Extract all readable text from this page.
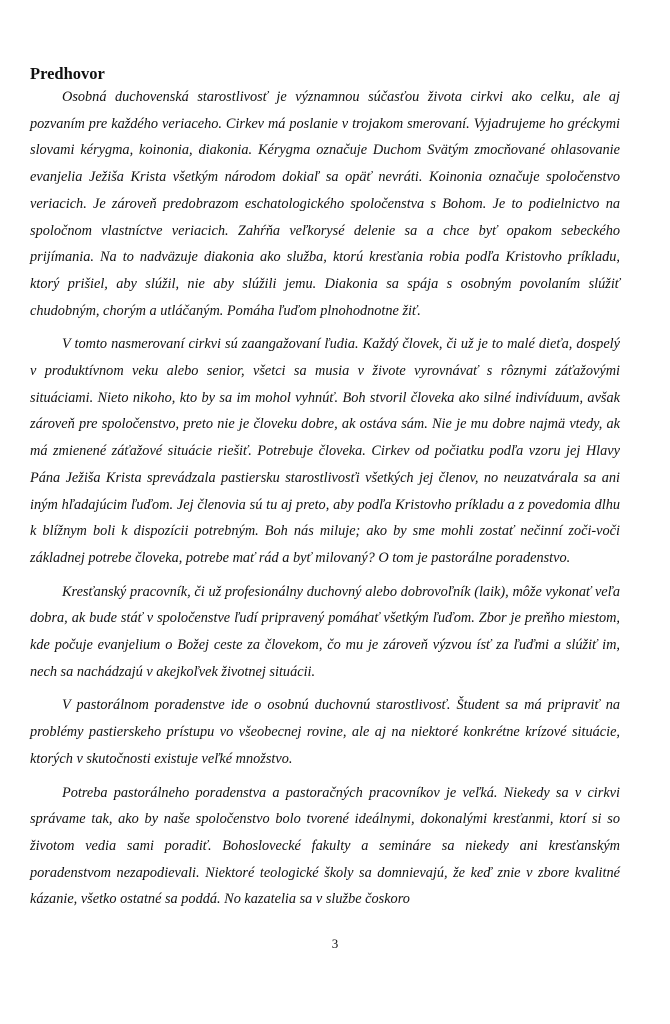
Predhovor

Osobná duchovenská starostlivosť je významnou súčasťou života cirkvi ako celku, ale aj pozvaním pre každého veriaceho. Cirkev má poslanie v trojakom smerovaní. Vyjadrujeme ho gréckymi slovami kérygma, koinonia, diakonia. Kérygma označuje Duchom Svätým zmocňované ohlasovanie evanjelia Ježiša Krista všetkým národom dokiaľ sa opäť nevráti. Koinonia označuje spoločenstvo veriacich. Je zároveň predobrazom eschatologického spoločenstva s Bohom. Je to podielnictvo na spoločnom vlastníctve veriacich. Zahŕňa veľkorysé delenie sa a chce byť opakom sebeckého prijímania. Na to nadväzuje diakonia ako služba, ktorú kresťania robia podľa Kristovho príkladu, ktorý prišiel, aby slúžil, nie aby slúžili jemu. Diakonia sa spája s osobným povolaním slúžiť chudobným, chorým a utláčaným. Pomáha ľuďom plnohodnotne žiť.

V tomto nasmerovaní cirkvi sú zaangažovaní ľudia. Každý človek, či už je to malé dieťa, dospelý v produktívnom veku alebo senior, všetci sa musia v živote vyrovnávať s rôznymi záťažovými situáciami. Nieto nikoho, kto by sa im mohol vyhnúť. Boh stvoril človeka ako silné indivíduum, avšak zároveň pre spoločenstvo, preto nie je človeku dobre, ak ostáva sám. Nie je mu dobre najmä vtedy, ak má zmienené záťažové situácie riešiť. Potrebuje človeka. Cirkev od počiatku podľa vzoru jej Hlavy Pána Ježiša Krista sprevádzala pastiersku starostlivosťi všetkých jej členov, no neuzatvárala sa ani iným hľadajúcim ľuďom. Jej členovia sú tu aj preto, aby podľa Kristovho príkladu a z povedomia dlhu k blížnym boli k dispozícii potrebným. Boh nás miluje; ako by sme mohli zostať nečinní zoči-voči základnej potrebe človeka, potrebe mať rád a byť milovaný? O tom je pastorálne poradenstvo.

Kresťanský pracovník, či už profesionálny duchovný alebo dobrovoľník (laik), môže vykonať veľa dobra, ak bude stáť v spoločenstve ľudí pripravený pomáhať všetkým ľuďom. Zbor je preňho miestom, kde počuje evanjelium o Božej ceste za človekom, čo mu je zároveň výzvou ísť za ľuďmi a slúžiť im, nech sa nachádzajú v akejkoľvek životnej situácii.

V pastorálnom poradenstve ide o osobnú duchovnú starostlivosť. Študent sa má pripraviť na problémy pastierskeho prístupu vo všeobecnej rovine, ale aj na niektoré konkrétne krízové situácie, ktorých v skutočnosti existuje veľké množstvo.

Potreba pastorálneho poradenstva a pastoračných pracovníkov je veľká. Niekedy sa v cirkvi správame tak, ako by naše spoločenstvo bolo tvorené ideálnymi, dokonalými kresťanmi, ktorí si so životom vedia sami poradiť. Bohoslovecké fakulty a semináre sa niekedy ani kresťanským poradenstvom nezapodievali. Niektoré teologické školy sa domnievajú, že keď znie v zbore kvalitné kázanie, všetko ostatné sa poddá. No kazatelia sa v službe čoskoro

3
